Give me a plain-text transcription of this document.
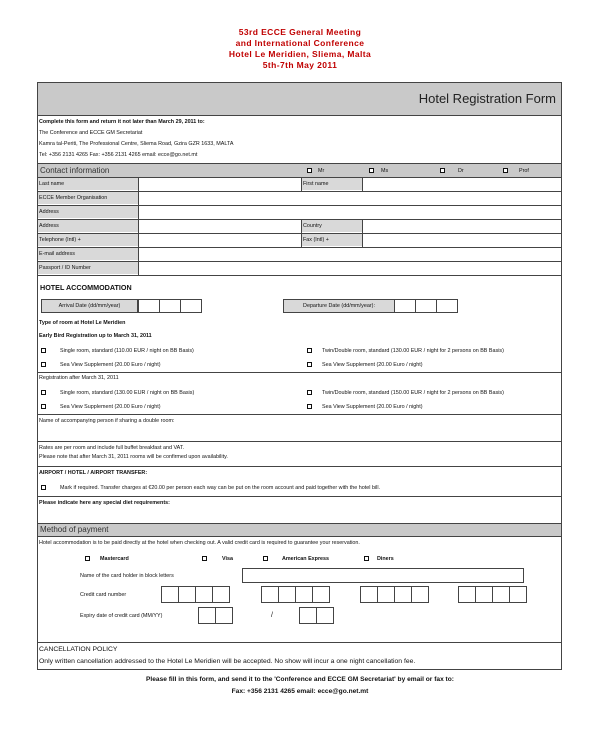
53rd ECCE General Meeting
and International Conference
Hotel Le Meridien, Sliema, Malta
5th-7th May 2011
Hotel Registration Form
Complete this form and return it not later than March 29, 2011 to:
The Conference and ECCE GM Secretariat
Kamra tal-Periti, The Professional Centre, Sliema Road, Gzira GZR 1633, MALTA
Tel: +356 2131 4265 Fax: +356 2131 4265 email: ecce@go.net.mt
Contact information	Mr	Ms	Dr	Prof
Last name	First name
ECCE Member Organisation
Address
Address	Country
Telephone (Intl) +	Fax (Intl) +
E-mail address
Passport / ID Number
HOTEL ACCOMMODATION
Arrival Date (dd/mm/year)	Departure Date (dd/mm/year):
Type of room at Hotel Le Meridien
Early Bird Registration up to March 31, 2011
Single room, standard (110.00 EUR / night on BB Basis)	Twin/Double room, standard (130.00 EUR / night for 2 persons on BB Basis)
Sea View Supplement (20.00 Euro / night)	Sea View Supplement (20.00 Euro / night)
Registration after March 31, 2011
Single room, standard (130.00 EUR / night on BB Basis)	Twin/Double room, standard (150.00 EUR / night for 2 persons on BB Basis)
Sea View Supplement (20.00 Euro / night)	Sea View Supplement (20.00 Euro / night)
Name of accompanying person if sharing a double room:
Rates are per room and include full buffet breakfast and VAT.
Please note that after March 31, 2011 rooms will be confirmed upon availability.
AIRPORT / HOTEL / AIRPORT TRANSFER:
Mark if required. Transfer charges at €20.00 per person each way can be put on the room account and paid together with the hotel bill.
Please indicate here any special diet requirements:
Method of payment
Hotel accommodation is to be paid directly at the hotel when checking out. A valid credit card is required to guarantee your reservation.
Mastercard	Visa	American Express	Diners
Name of the card holder in block letters
Credit card number
Expiry date of credit card (MM/YY)	/
CANCELLATION POLICY
Only written cancellation addressed to the Hotel Le Meridien will be accepted. No show will incur a one night cancellation fee.
Please fill in this form, and send it to the 'Conference and ECCE GM Secretariat' by email or fax to:
Fax: +356 2131 4265 email: ecce@go.net.mt
